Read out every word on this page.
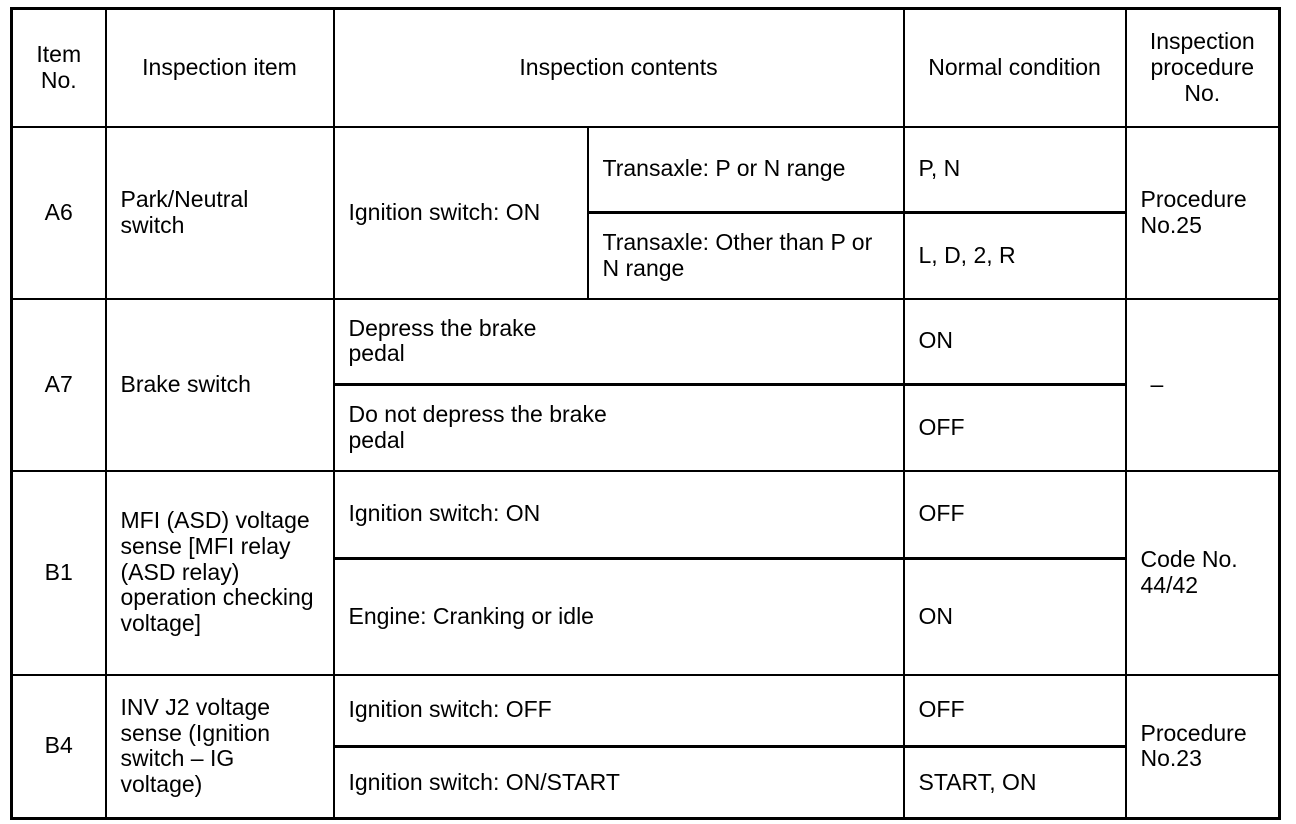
Item No.	Inspection item	Inspection contents		Normal condition	Inspection procedure No.
A6	Park/Neutral switch	Ignition switch: ON	Transaxle: P or N range	P, N	Procedure No.25
			Transaxle: Other than P or N range	L, D, 2, R	
A7	Brake switch	Depress the brake pedal		ON	–
		Do not depress the brake pedal		OFF	
B1	MFI (ASD) voltage sense [MFI relay (ASD relay) operation checking voltage]	Ignition switch: ON		OFF	Code No. 44/42
		Engine: Cranking or idle		ON	
B4	INV J2 voltage sense (Ignition switch – IG voltage)	Ignition switch: OFF		OFF	Procedure No.23
		Ignition switch: ON/START		START, ON	
